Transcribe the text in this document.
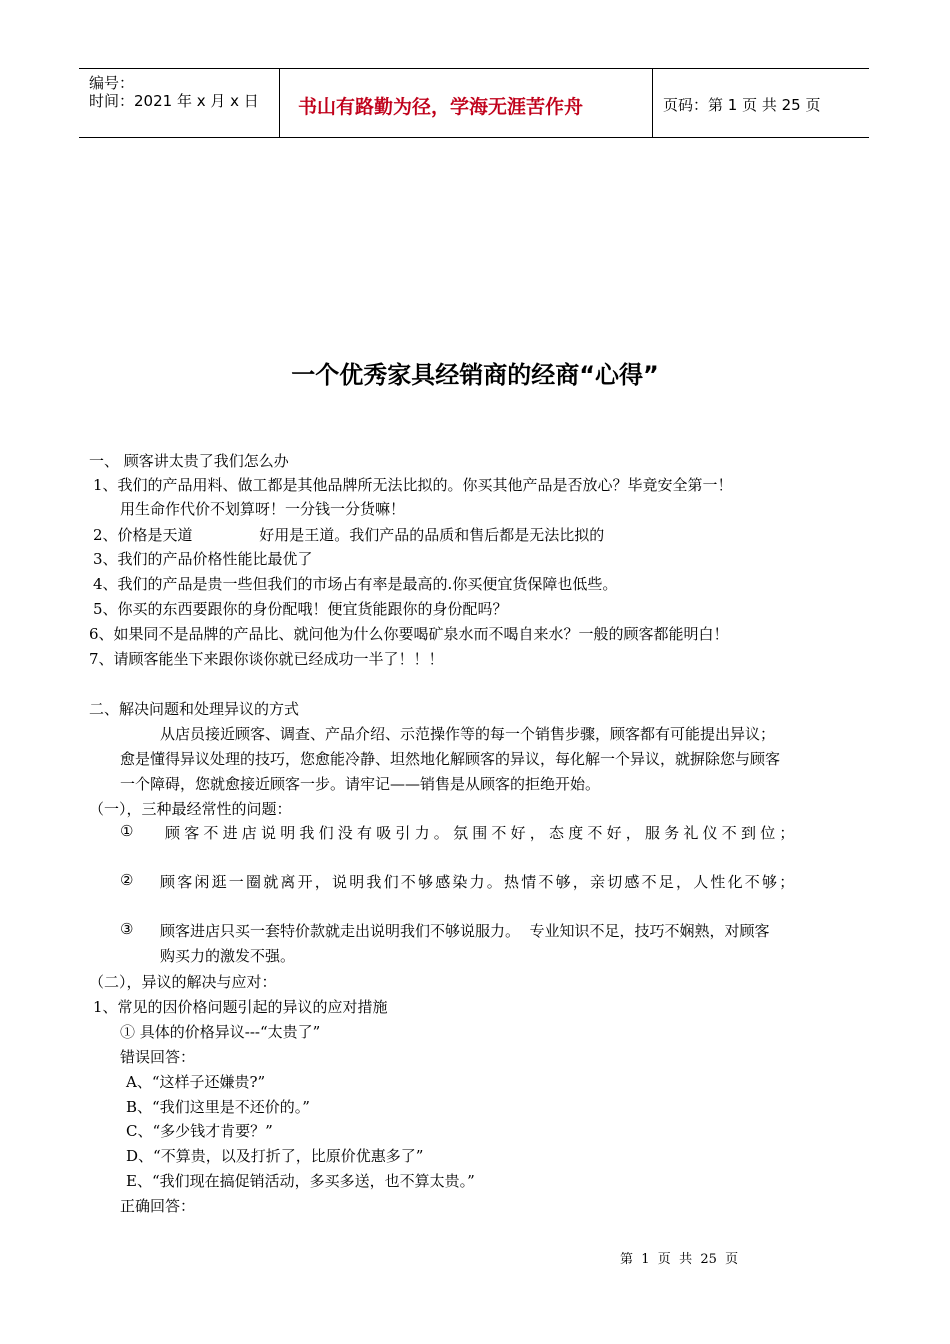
编号：
时间：2021 年 x 月 x 日 书山有路勤为径，学海无涯苦作舟	页码：第 1 页 共 25 页
一个优秀家具经销商的经商“心得”
一、 顾客讲太贵了我们怎么办
1、我们的产品用料、做工都是其他品牌所无法比拟的。你买其他产品是否放心？毕竟安全第一！
用生命作代价不划算呀！一分钱一分货嘛！
2、价格是天道              好用是王道。我们产品的品质和售后都是无法比拟的
3、我们的产品价格性能比最优了
4、我们的产品是贵一些但我们的市场占有率是最高的.你买便宜货保障也低些。
5、你买的东西要跟你的身份配哦！便宜货能跟你的身份配吗？
6、如果同不是品牌的产品比、就问他为什么你要喝矿泉水而不喝自来水？一般的顾客都能明白！
7、请顾客能坐下来跟你谈你就已经成功一半了！！！
二、解决问题和处理异议的方式
从店员接近顾客、调查、产品介绍、示范操作等的每一个销售步骤，顾客都有可能提出异议；
愈是懂得异议处理的技巧，您愈能冷静、坦然地化解顾客的异议，每化解一个异议，就摒除您与顾客
一个障碍，您就愈接近顾客一步。请牢记——销售是从顾客的拒绝开始。
（一），三种最经常性的问题：
① 顾客不进店说明我们没有吸引力。氛围不好，态度不好，服务礼仪不到位；
② 顾客闲逛一圈就离开，说明我们不够感染力。热情不够，亲切感不足，人性化不够；
③ 顾客进店只买一套特价款就走出说明我们不够说服力。  专业知识不足，技巧不娴熟，对顾客
购买力的激发不强。
（二），异议的解决与应对：
1、常见的因价格问题引起的异议的应对措施
① 具体的价格异议---“太贵了”
错误回答：
A、“这样子还嫌贵?”
B、“我们这里是不还价的。”
C、“多少钱才肯要？”
D、“不算贵，以及打折了，比原价优惠多了”
E、“我们现在搞促销活动，多买多送，也不算太贵。”
正确回答：
第  1  页  共  25  页
